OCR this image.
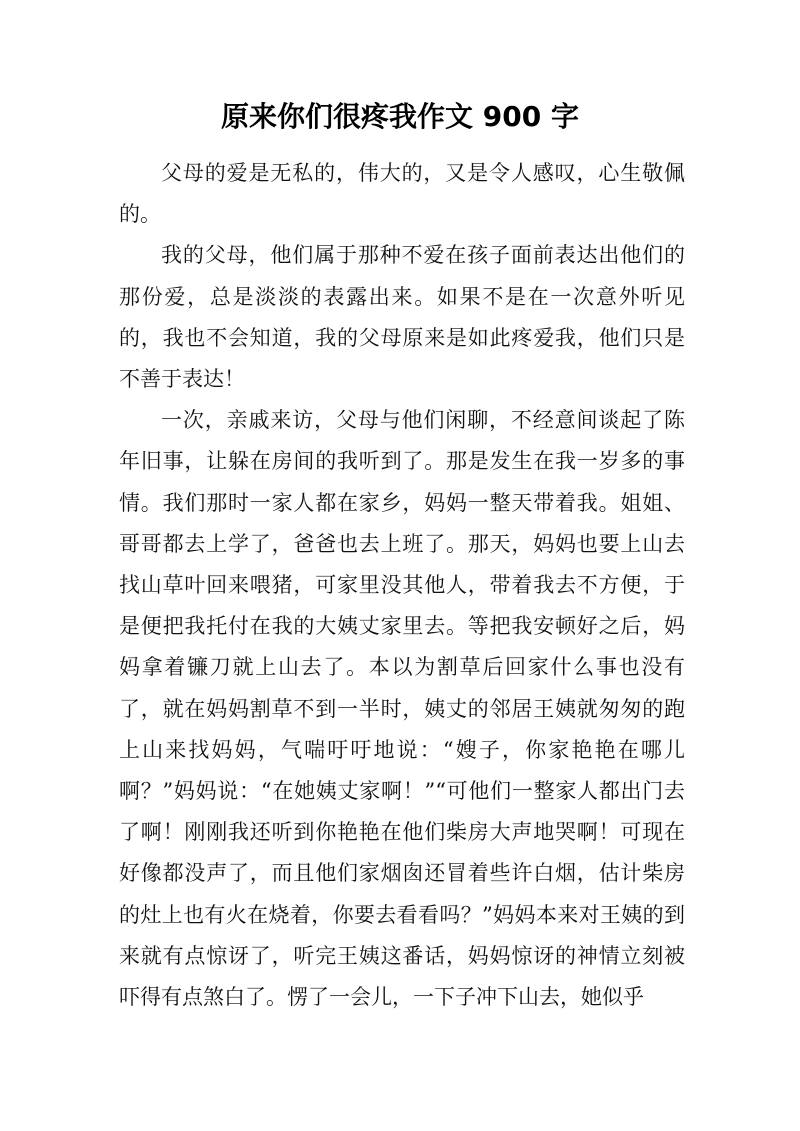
原来你们很疼我作文 900 字

父母的爱是无私的，伟大的，又是令人感叹，心生敬佩的。

我的父母，他们属于那种不爱在孩子面前表达出他们的那份爱，总是淡淡的表露出来。如果不是在一次意外听见的，我也不会知道，我的父母原来是如此疼爱我，他们只是不善于表达！

一次，亲戚来访，父母与他们闲聊，不经意间谈起了陈年旧事，让躲在房间的我听到了。那是发生在我一岁多的事情。我们那时一家人都在家乡，妈妈一整天带着我。姐姐、哥哥都去上学了，爸爸也去上班了。那天，妈妈也要上山去找山草叶回来喂猪，可家里没其他人，带着我去不方便，于是便把我托付在我的大姨丈家里去。等把我安顿好之后，妈妈拿着镰刀就上山去了。本以为割草后回家什么事也没有了，就在妈妈割草不到一半时，姨丈的邻居王姨就匆匆的跑上山来找妈妈，气喘吁吁地说：“嫂子，你家艳艳在哪儿啊？”妈妈说：“在她姨丈家啊！”“可他们一整家人都出门去了啊！刚刚我还听到你艳艳在他们柴房大声地哭啊！可现在好像都没声了，而且他们家烟囱还冒着些许白烟，估计柴房的灶上也有火在烧着，你要去看看吗？”妈妈本来对王姨的到来就有点惊讶了，听完王姨这番话，妈妈惊讶的神情立刻被吓得有点煞白了。愣了一会儿，一下子冲下山去，她似乎
